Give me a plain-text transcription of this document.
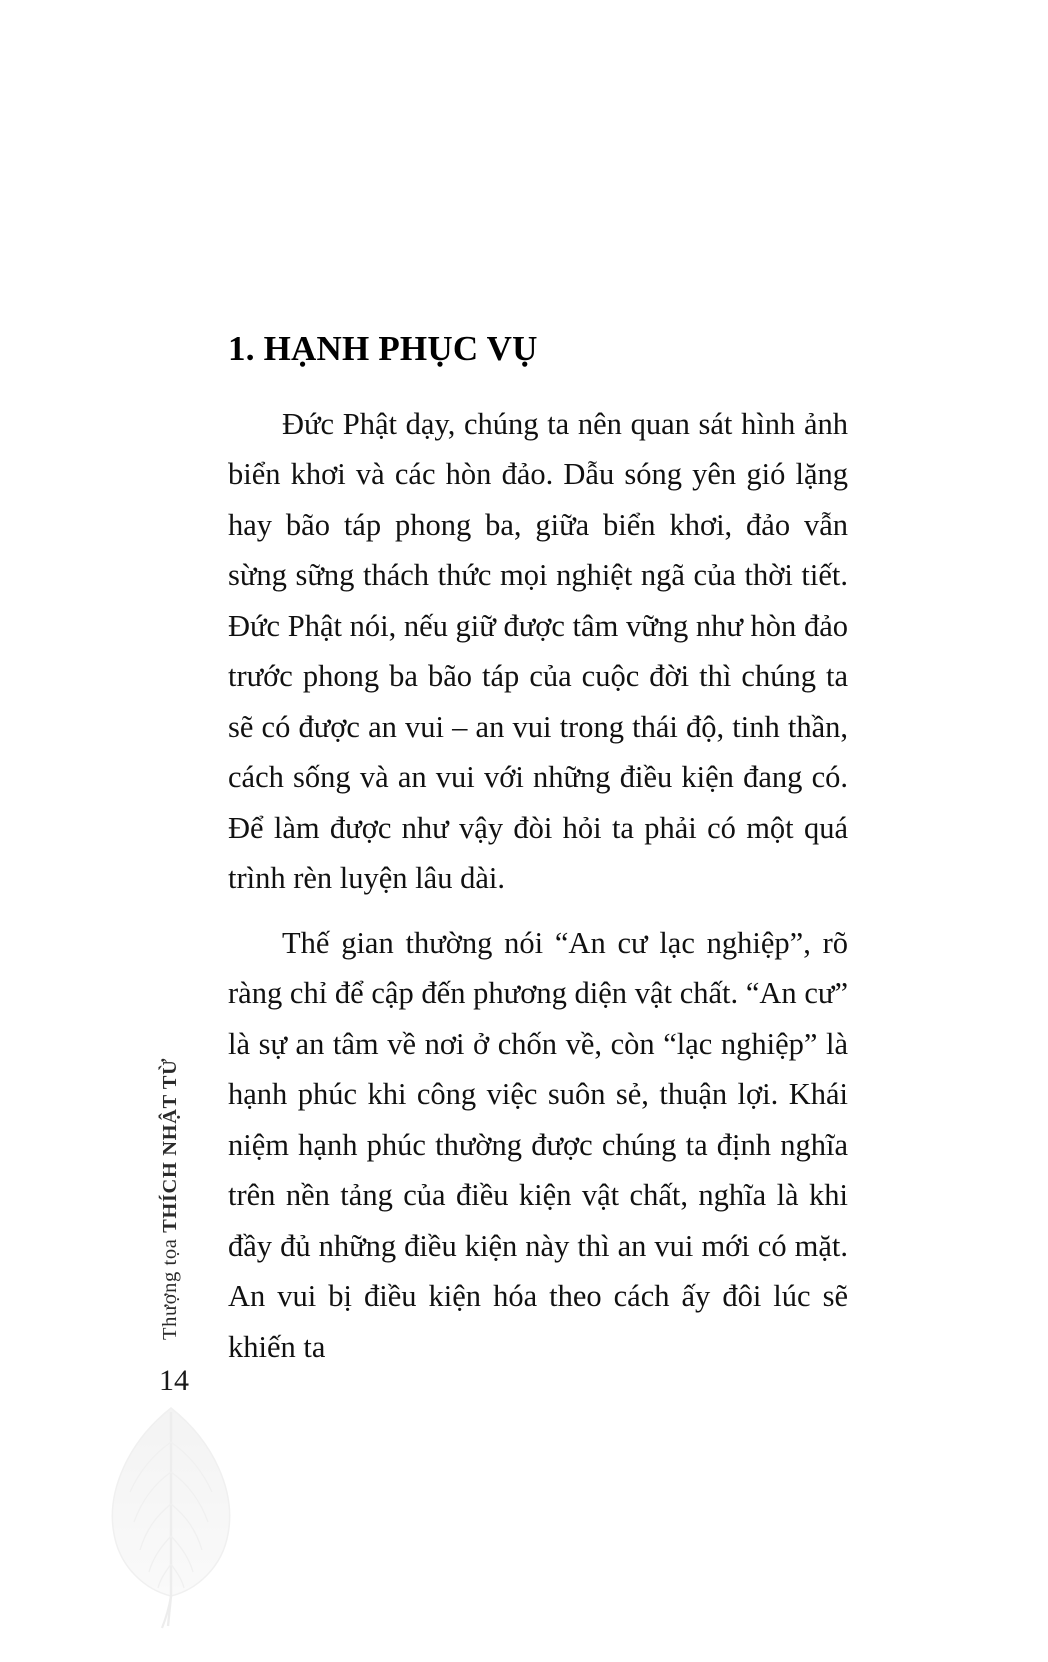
Thượng tọa THÍCH NHẬT TỪ
14
1. HẠNH PHỤC VỤ

Đức Phật dạy, chúng ta nên quan sát hình ảnh biển khơi và các hòn đảo. Dẫu sóng yên gió lặng hay bão táp phong ba, giữa biển khơi, đảo vẫn sừng sững thách thức mọi nghiệt ngã của thời tiết. Đức Phật nói, nếu giữ được tâm vững như hòn đảo trước phong ba bão táp của cuộc đời thì chúng ta sẽ có được an vui – an vui trong thái độ, tinh thần, cách sống và an vui với những điều kiện đang có. Để làm được như vậy đòi hỏi ta phải có một quá trình rèn luyện lâu dài.

Thế gian thường nói “An cư lạc nghiệp”, rõ ràng chỉ để cập đến phương diện vật chất. “An cư” là sự an tâm về nơi ở chốn về, còn “lạc nghiệp” là hạnh phúc khi công việc suôn sẻ, thuận lợi. Khái niệm hạnh phúc thường được chúng ta định nghĩa trên nền tảng của điều kiện vật chất, nghĩa là khi đầy đủ những điều kiện này thì an vui mới có mặt. An vui bị điều kiện hóa theo cách ấy đôi lúc sẽ khiến ta
